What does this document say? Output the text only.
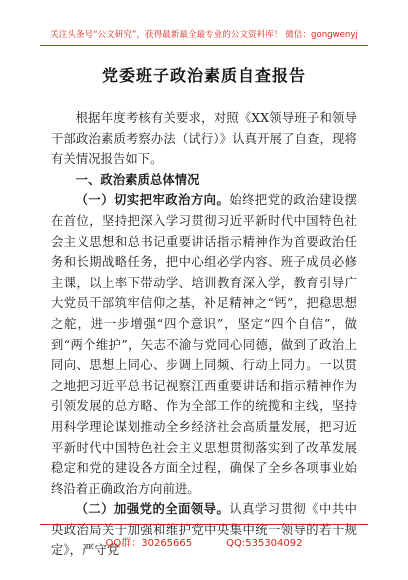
关注头条号“公文研究”，获得最新最全最专业的公文资料库！ 微信：gongwenyj
党委班子政治素质自查报告

根据年度考核有关要求，对照《XX领导班子和领导干部政治素质考察办法（试行）》认真开展了自查，现将有关情况报告如下。

一、政治素质总体情况

（一）切实把牢政治方向。始终把党的政治建设摆在首位，坚持把深入学习贯彻习近平新时代中国特色社会主义思想和总书记重要讲话指示精神作为首要政治任务和长期战略任务，把中心组必学内容、班子成员必修主课，以上率下带动学、培训教育深入学，教育引导广大党员干部筑牢信仰之基，补足精神之“钙”，把稳思想之舵，进一步增强“四个意识”，坚定“四个自信”，做到“两个维护”，矢志不渝与党同心同德，做到了政治上同向、思想上同心、步调上同频、行动上同力。一以贯之地把习近平总书记视察江西重要讲话和指示精神作为引领发展的总方略、作为全部工作的统揽和主线，坚持用科学理论谋划推动全乡经济社会高质量发展，把习近平新时代中国特色社会主义思想贯彻落实到了改革发展稳定和党的建设各方面全过程，确保了全乡各项事业始终沿着正确政治方向前进。

（二）加强党的全面领导。认真学习贯彻《中共中央政治局关于加强和维护党中央集中统一领导的若干规定》，严守党

QQ群：30265665	QQ:535304092
